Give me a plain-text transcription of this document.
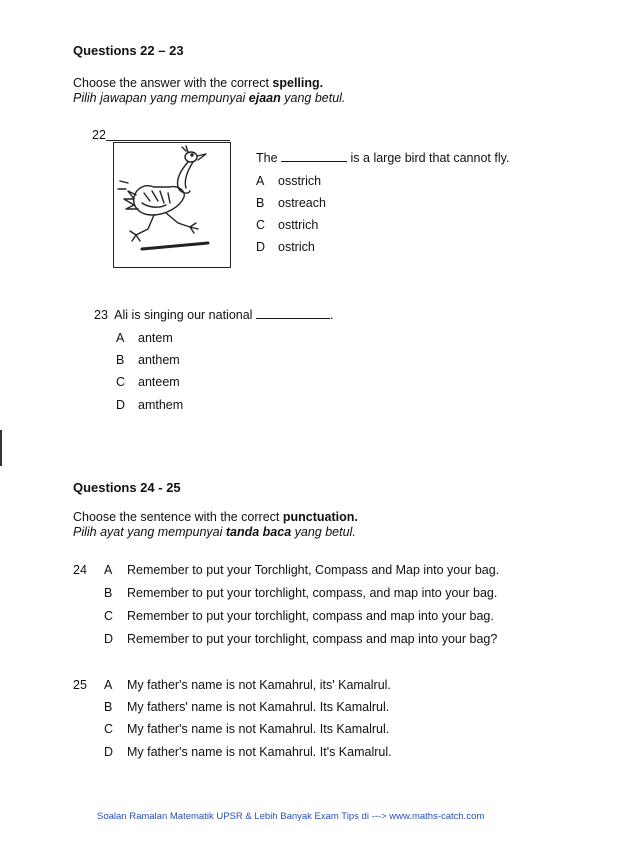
Questions 22 – 23
Choose the answer with the correct spelling.
Pilih jawapan yang mempunyai ejaan yang betul.
22
The	is a large bird that cannot fly.
A osstrich
B ostreach
C osttrich
D ostrich
23 Ali is singing our national	.
A antem
B anthem
C anteem
D amthem
Questions 24 - 25
Choose the sentence with the correct punctuation.
Pilih ayat yang mempunyai tanda baca yang betul.
24 A Remember to put your Torchlight, Compass and Map into your bag.
B Remember to put your torchlight, compass, and map into your bag.
C Remember to put your torchlight, compass and map into your bag.
D Remember to put your torchlight, compass and map into your bag?
25 A My father's name is not Kamahrul, its' Kamalrul.
B My fathers' name is not Kamahrul. Its Kamalrul.
C My father's name is not Kamahrul. Its Kamalrul.
D My father's name is not Kamahrul. It's Kamalrul.
Soalan Ramalan Matematik UPSR & Lebih Banyak Exam Tips di ---> www.maths-catch.com
